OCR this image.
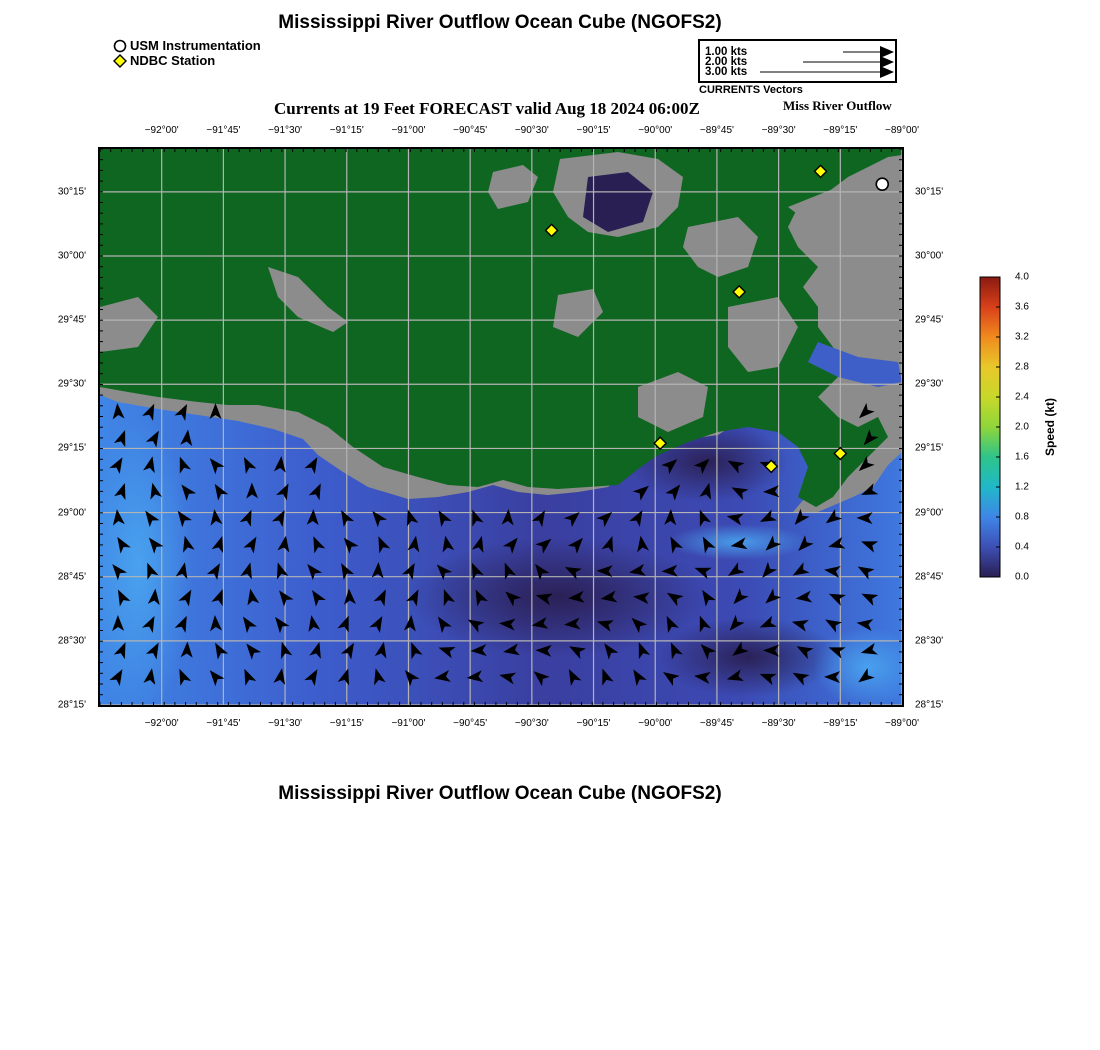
Mississippi River Outflow Ocean Cube (NGOFS2)
Mississippi River Outflow Ocean Cube (NGOFS2)
USM Instrumentation
NDBC Station
1.00 kts
2.00 kts
3.00 kts
CURRENTS Vectors
Currents at 19 Feet FORECAST valid Aug 18 2024 06:00Z	Miss River Outflow
−92°00'
−92°00'
−91°45'
−91°45'
−91°30'
−91°30'
−91°15'
−91°15'
−91°00'
−91°00'
−90°45'
−90°45'
−90°30'
−90°30'
−90°15'
−90°15'
−90°00'
−90°00'
−89°45'
−89°45'
−89°30'
−89°30'
−89°15'
−89°15'
−89°00'
−89°00'
30°15'	30°15'
30°00'	30°00'
29°45'	29°45'
29°30'	29°30'
29°15'	29°15'
29°00'	29°00'
28°45'	28°45'
28°30'	28°30'
28°15'	28°15'
4.0
3.6
3.2
2.8
2.4
2.0
1.6
1.2
0.8
0.4
0.0
Speed (kt)
